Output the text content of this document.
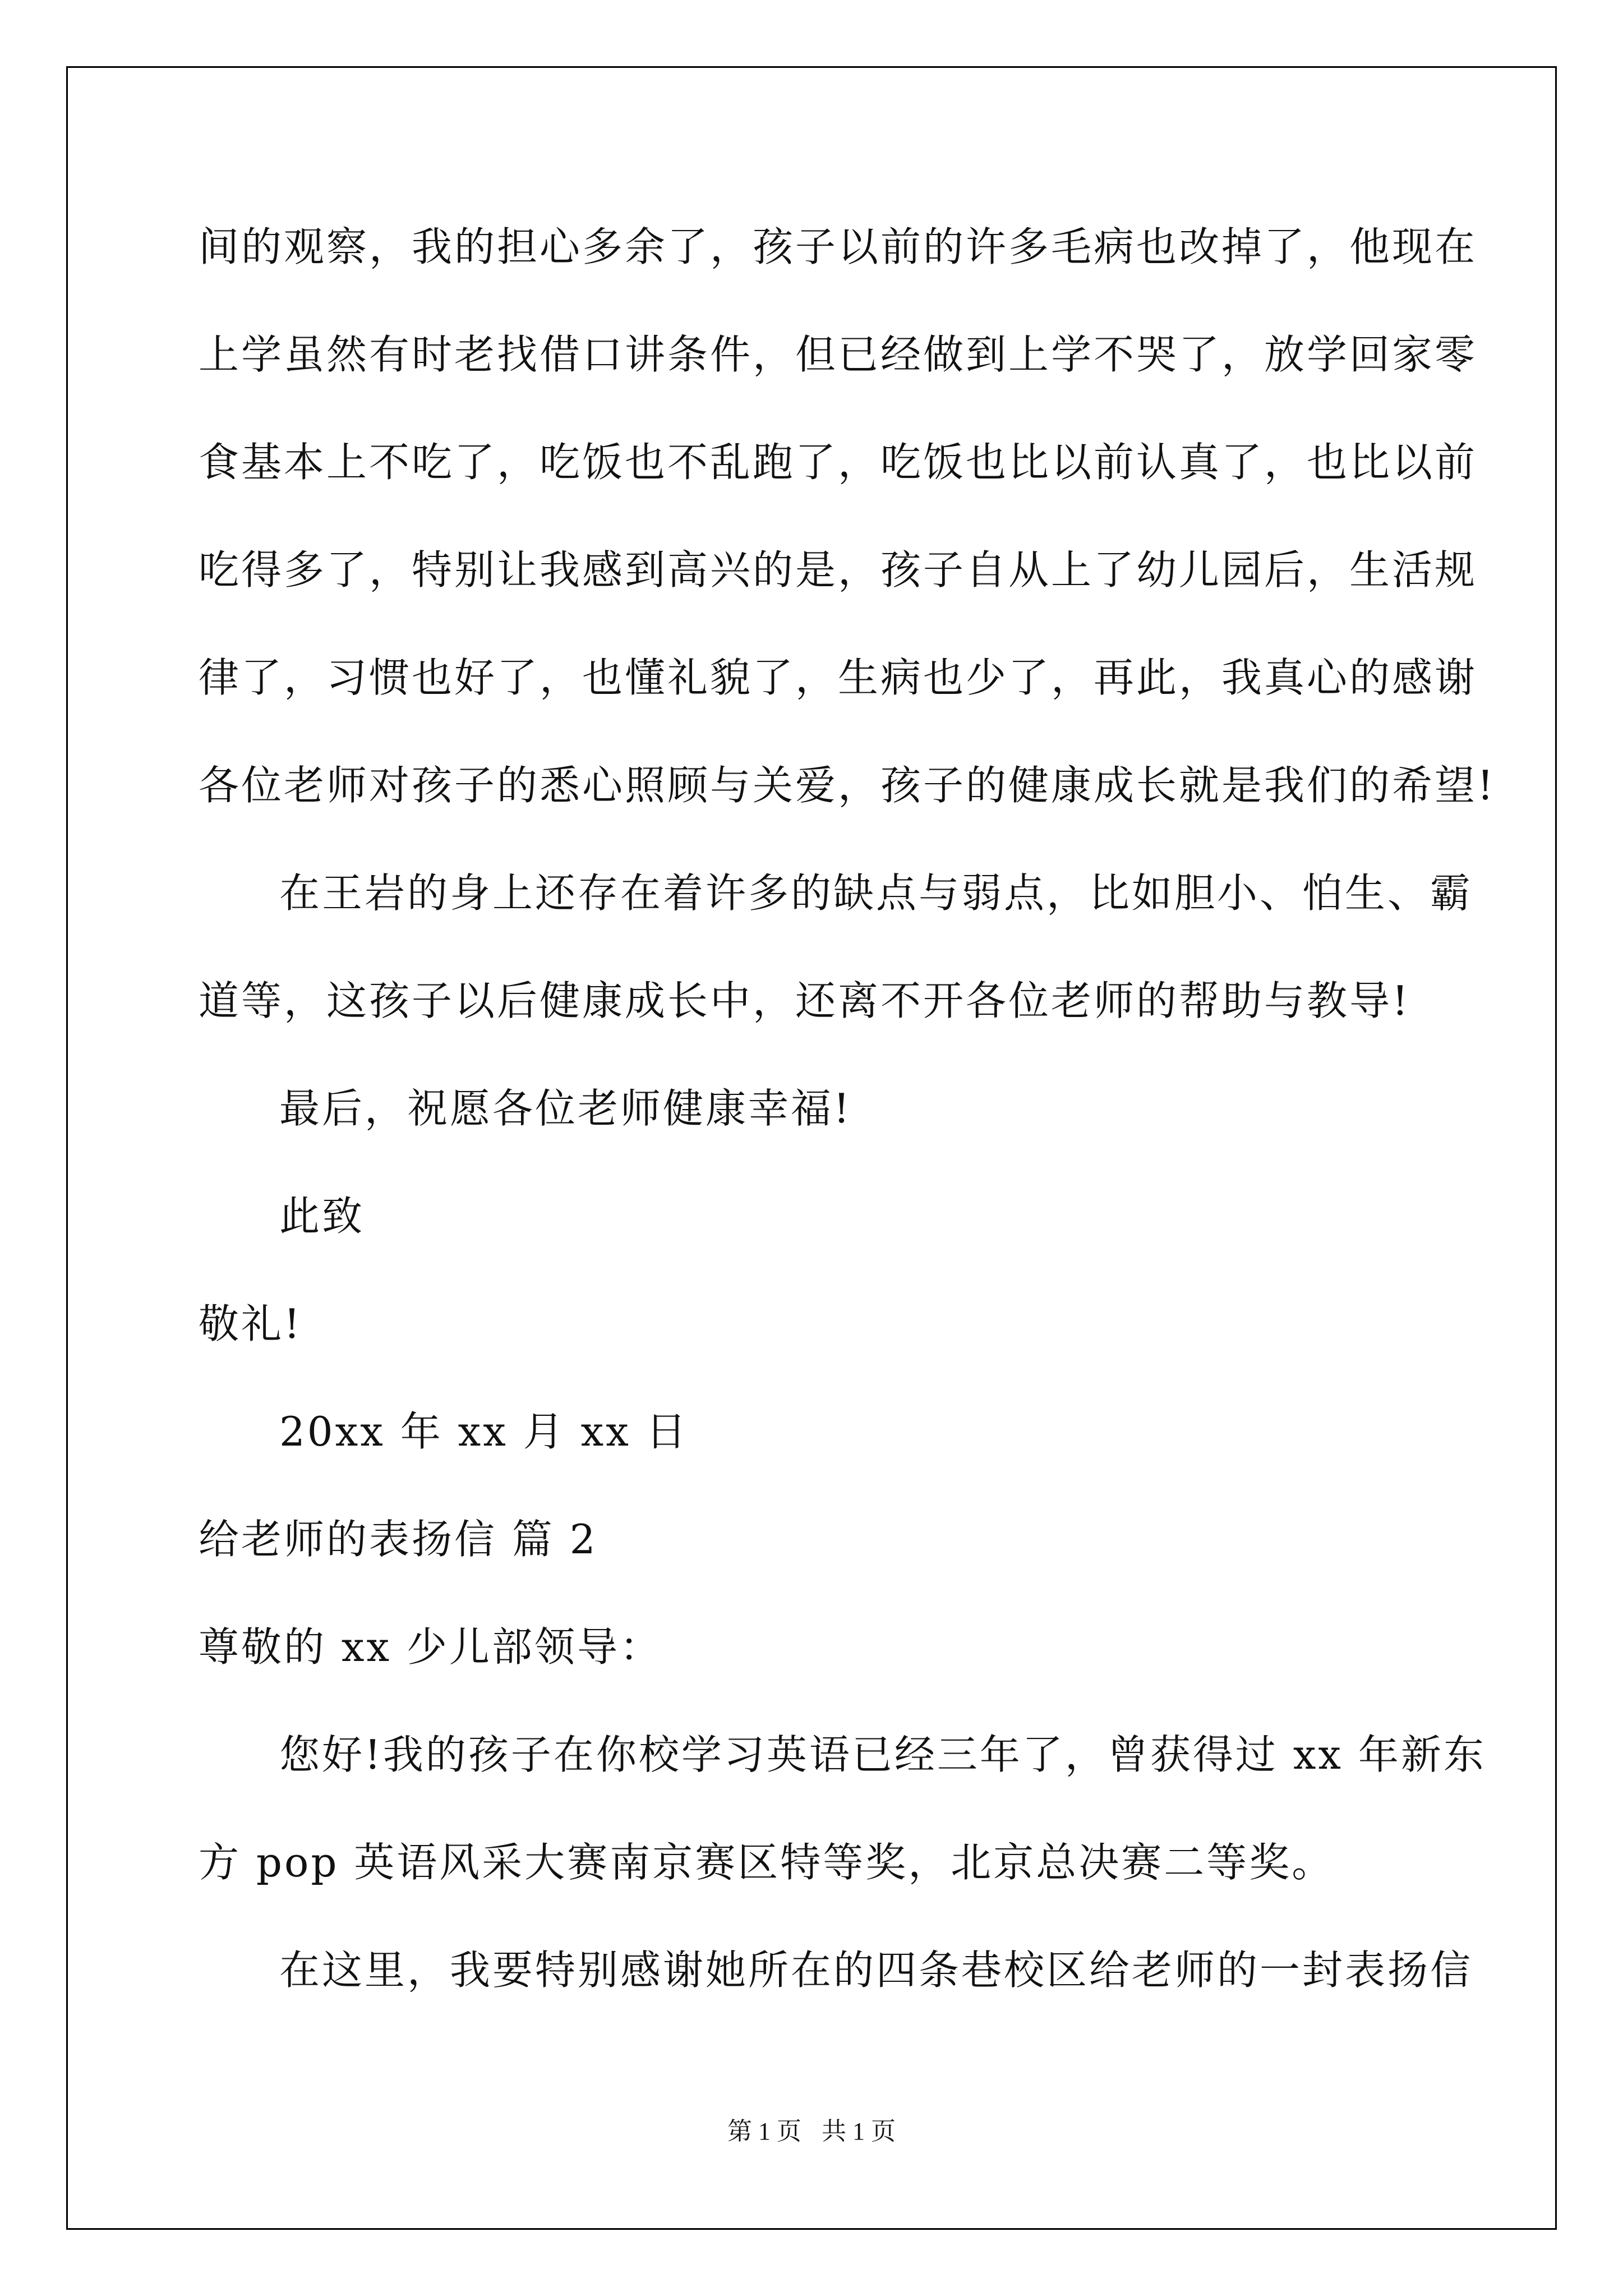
间的观察，我的担心多余了，孩子以前的许多毛病也改掉了，他现在
上学虽然有时老找借口讲条件，但已经做到上学不哭了，放学回家零
食基本上不吃了，吃饭也不乱跑了，吃饭也比以前认真了，也比以前
吃得多了，特别让我感到高兴的是，孩子自从上了幼儿园后，生活规
律了，习惯也好了，也懂礼貌了，生病也少了，再此，我真心的感谢
各位老师对孩子的悉心照顾与关爱，孩子的健康成长就是我们的希望!
在王岩的身上还存在着许多的缺点与弱点，比如胆小、怕生、霸
道等，这孩子以后健康成长中，还离不开各位老师的帮助与教导!
最后，祝愿各位老师健康幸福!
此致
敬礼!
20xx 年 xx 月 xx 日
给老师的表扬信 篇 2
尊敬的 xx 少儿部领导：
您好!我的孩子在你校学习英语已经三年了，曾获得过 xx 年新东
方 pop 英语风采大赛南京赛区特等奖，北京总决赛二等奖。
在这里，我要特别感谢她所在的四条巷校区给老师的一封表扬信
第 1 页 共 1 页
